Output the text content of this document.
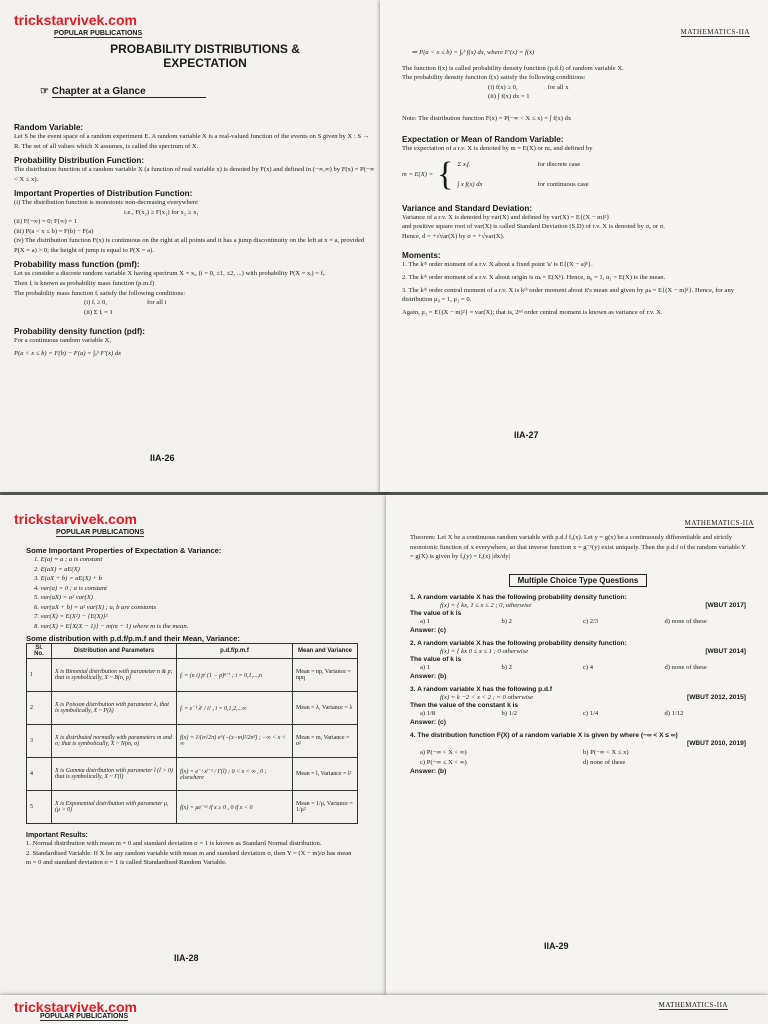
trickstarvivek.com
POPULAR PUBLICATIONS
PROBABILITY DISTRIBUTIONS &
EXPECTATION
☞ Chapter at a Glance
Random Variable:
Let S be the event space of a random experiment E. A random variable X is a real-valued function of the events on S given by X : S → R. The set of all values which X assumes, is called the spectrum of X.
Probability Distribution Function:
The distribution function of a random variable X (a function of real variable x) is denoted by F(x) and defined in (−∞,∞) by F(x) = P(−∞ < X ≤ x).
Important Properties of Distribution Function:
(i) The distribution function is monotonic non-decreasing everywhere
i.e., F(x₂) ≥ F(x₁) for x₂ ≥ x₁
(ii) F(−∞) = 0; F(∞) = 1
(iii) P(a < x ≤ b) = F(b) − F(a)
(iv) The distribution function F(x) is continuous on the right at all points and it has a jump discontinuity on the left at x = a, provided P(X = a) > 0; the height of jump is equal to P(X = a).
Probability mass function (pmf):
Let us consider a discrete random variable X having spectrum X = xᵢ, (i = 0, ±1, ±2, ...) with probability P(X = xᵢ) = fᵢ.
Then fᵢ is known as probability mass function (p.m.f)
The probability mass function fᵢ satisfy the following conditions:
(i) fᵢ ≥ 0,	for all i
(ii) Σ fᵢ = 1
Probability density function (pdf):
For a continuous random variable X,
P(a < x ≤ b) = F(b) − F(a) = ∫ₐᵇ F′(x) dx
IIA-26
MATHEMATICS-IIA
⇒ P(a < x ≤ b) = ∫ₐᵇ f(x) dx, where F′(x) = f(x)
The function f(x) is called probability density function (p.d.f) of random variable X.
The probability density function f(x) satisfy the following conditions:
(i) f(x) ≥ 0,	for all x
(ii) ∫ f(x) dx = 1
Note: The distribution function F(x) = P(−∞ < X ≤ x) = ∫ f(x) dx
Expectation or Mean of Random Variable:
The expectation of a r.v. X is denoted by m = E(X) or mₓ and defined by
m = E(X) = { Σ xᵢfᵢ	for discrete case
∫ x f(x) dx	for continuous case
Variance and Standard Deviation:
Variance of a r.v. X is denoted by var(X) and defined by var(X) = E{(X − m)²}
and positive square root of var(X) is called Standard Deviation (S.D) of r.v. X is denoted by σₓ or σ.
Hence, d = +√var(X) by σ = +√var(X).
Moments:
1. The kᵗʰ order moment of a r.v. X about a fixed point 'a' is E{(X − a)ᵏ}.
2. The kᵗʰ order moment of a r.v. X about origin is αₖ = E(Xᵏ). Hence, α₀ = 1, α₁ = E(X) is the mean.
3. The kᵗʰ order central moment of a r.v. X is kᵗʰ order moment about it's mean and given by μₖ = E{(X − m)ᵏ}. Hence, for any distribution μ₀ = 1, μ₁ = 0.
Again, μ₂ = E{(X − m)²} = var(X); that is, 2ⁿᵈ order central moment is known as variance of r.v. X.
IIA-27
trickstarvivek.com
POPULAR PUBLICATIONS
Some Important Properties of Expectation & Variance:
1. E(a) = a ; a is constant
2. E(aX) = aE(X)
3. E(aX + b) = aE(X) + b
4. var(a) = 0 ; a is constant
5. var(aX) = a² var(X)
6. var(aX + b) = a² var(X) ; a, b are constants
7. var(X) = E(X²) − {E(X)}²
8. var(X) = E{X(X − 1)} − m(m − 1) where m is the mean.
Some distribution with p.d.f/p.m.f and their Mean, Variance:
Sl. No.	Distribution and Parameters	p.d.f/p.m.f	Mean and Variance
1	X is Binomial distribution with parameter n & p; that is symbolically, X ~ B(n, p)	fᵢ = (n i) pⁱ (1 − p)ⁿ⁻ⁱ ; i = 0,1,...,n	Mean = np, Variance = npq
2	X is Poisson distribution with parameter λ, that is symbolically, X ~ P(λ)	fᵢ = e⁻ᵏ λⁱ / i! , i = 0,1,2,...∞	Mean = λ, Variance = λ
3	X is distributed normally with parameters m and σ; that is symbolically, X ~ N(m, σ)	f(x) = 1/(σ√2π) e^(−(x−m)²/2σ²) ; −∞ < x < ∞	Mean = m, Variance = σ²
4	X is Gamma distribution with parameter l (l > 0) that is symbolically, X ~ Γ(l)	f(x) = e⁻ˣ xˡ⁻¹ / Γ(l) ; 0 < x < ∞ , 0 ; elsewhere	Mean = l, Variance = l²
5	X is Exponential distribution with parameter μ, (μ > 0)	f(x) = μe⁻ᵘˣ if x ≥ 0 , 0 if x < 0	Mean = 1/μ, Variance = 1/μ²
Important Results:
1. Normal distribution with mean m = 0 and standard deviation σ = 1 is known as Standard Normal distribution.
2. Standardised Variable: If X be any random variable with mean m and standard deviation σ, then Y = (X − m)/σ has mean m = 0 and standard deviation σ = 1 is called Standardised Random Variable.
IIA-28
MATHEMATICS-IIA
Theorem: Let X be a continuous random variable with p.d.f fₓ(x). Let y = g(x) be a continuously differentiable and strictly monotonic function of x everywhere, so that inverse function x = g⁻¹(y) exist uniquely. Then the p.d.f of the random variable Y = g(X) is given by fᵧ(y) = fₓ(x) |dx/dy|
Multiple Choice Type Questions
1. A random variable X has the following probability density function:
f(x) = { kx, 1 ≤ x ≤ 2 ; 0, otherwise	[WBUT 2017]
The value of k is
a) 1	b) 2	c) 2/3	d) none of these
Answer: (c)
2. A random variable X has the following probability density function:
f(x) = { kx 0 ≤ x ≤ 1 ; 0 otherwise	[WBUT 2014]
The value of k is
a) 1	b) 2	c) 4	d) none of these
Answer: (b)
3. A random variable X has the following p.d.f
f(x) = k −2 < x < 2 ; = 0 otherwise	[WBUT 2012, 2015]
Then the value of the constant k is
a) 1/8	b) 1/2	c) 1/4	d) 1/12
Answer: (c)
4. The distribution function F(X) of a random variable X is given by where (−∞ < X ≤ ∞)
[WBUT 2010, 2019]
a) P(−∞ < X < ∞)	b) P(−∞ < X ≤ x)
c) P(−∞ ≤ X < ∞)	d) none of these
Answer: (b)
IIA-29
trickstarvivek.com
POPULAR PUBLICATIONS
MATHEMATICS-IIA
